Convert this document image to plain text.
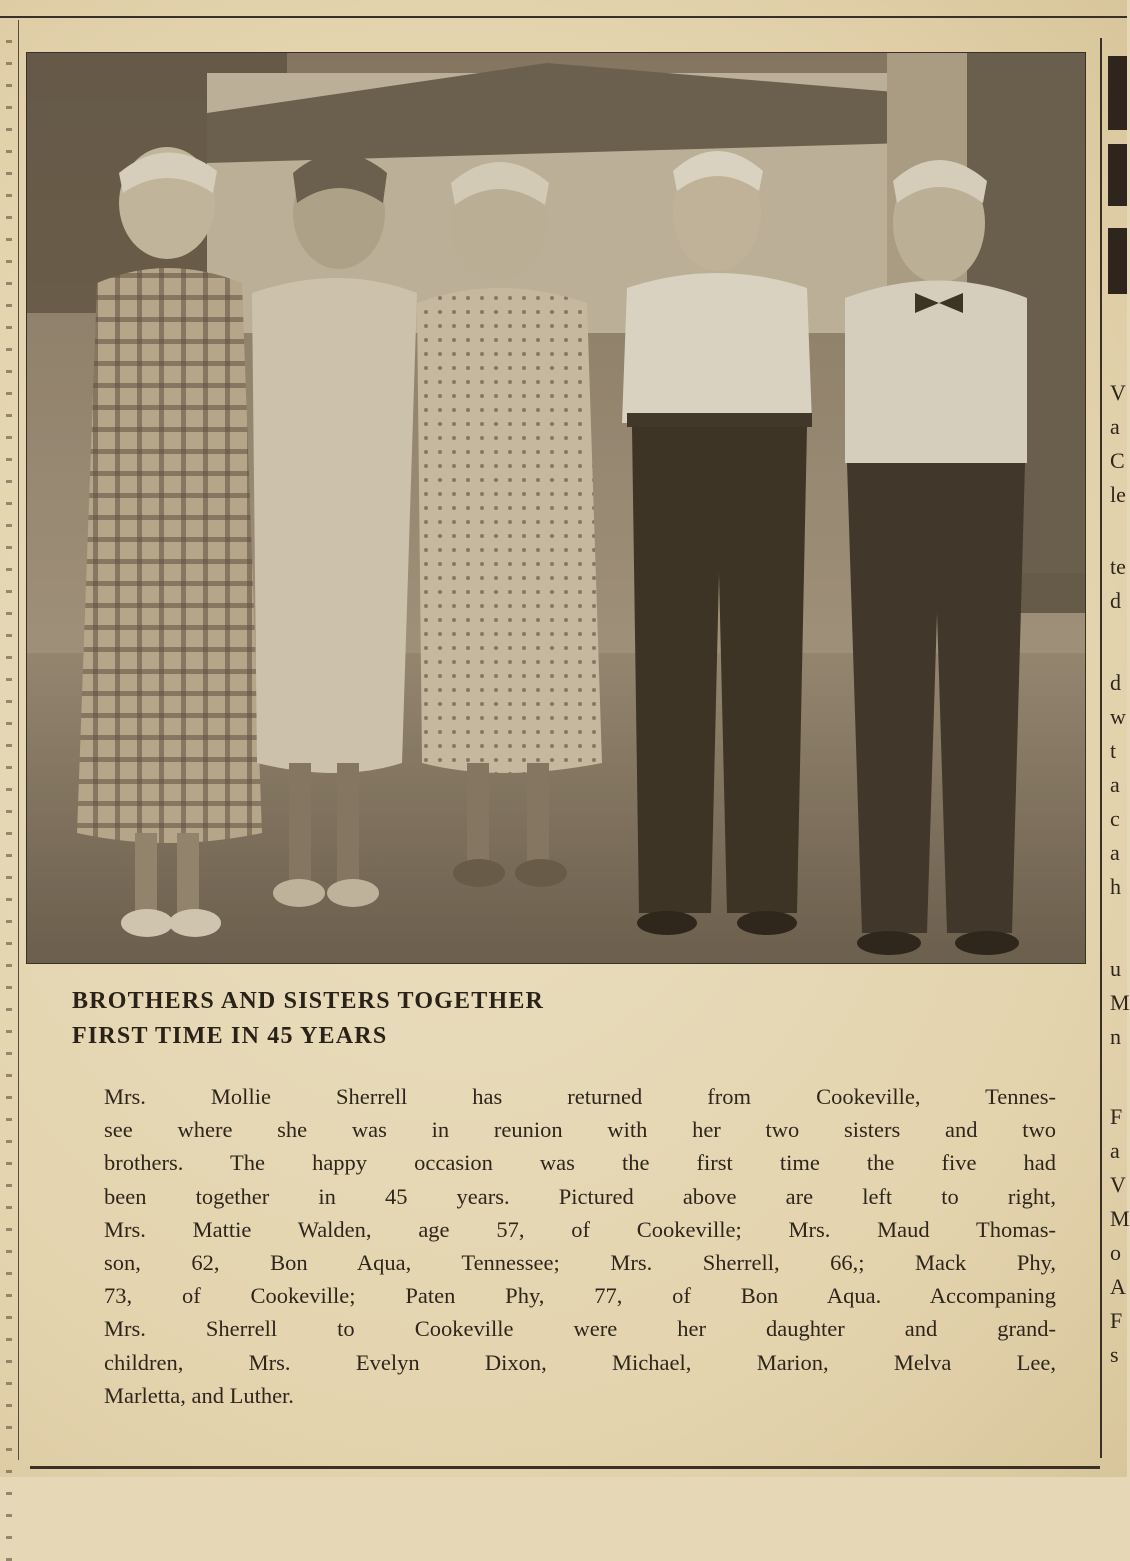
BROTHERS AND SISTERS TOGETHER
FIRST TIME IN 45 YEARS
Mrs. Mollie Sherrell has returned from Cookeville, Tennes-
see where she was in reunion with her two sisters and two
brothers. The happy occasion was the first time the five had
been together in 45 years. Pictured above are left to right,
Mrs. Mattie Walden, age 57, of Cookeville; Mrs. Maud Thomas-
son, 62, Bon Aqua, Tennessee; Mrs. Sherrell, 66,; Mack Phy,
73, of Cookeville; Paten Phy, 77, of Bon Aqua. Accompaning
Mrs. Sherrell to Cookeville were her daughter and grand-
children, Mrs. Evelyn Dixon, Michael, Marion, Melva Lee,
Marletta, and Luther.
V
a
C
le
te
d
d
w
t
a
c
a
h
u
M
n
F
a
V
M
o
A
F
s
